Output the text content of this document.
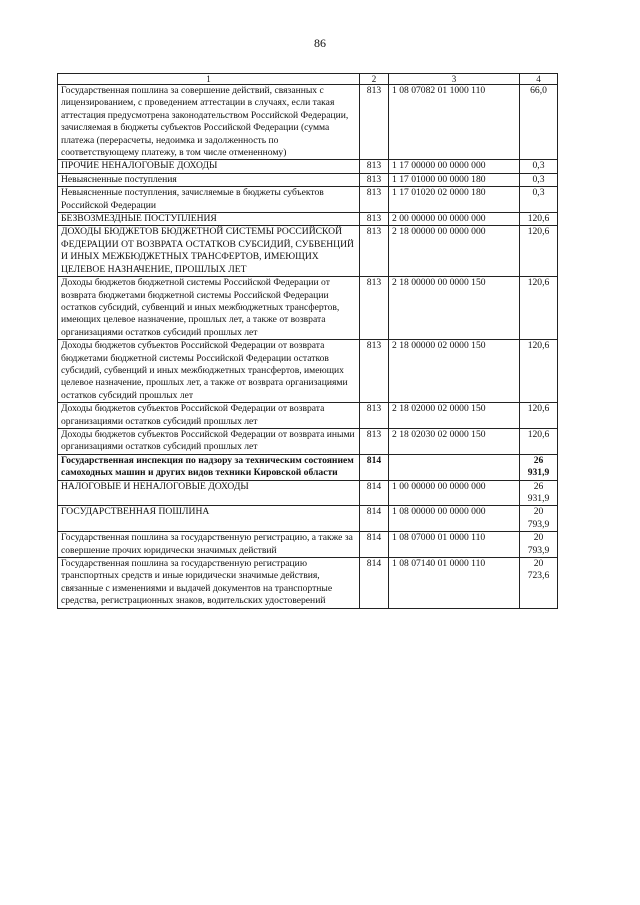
86
1	2	3	4
Государственная пошлина за совершение действий, связанных с лицензированием, с проведением аттестации в случаях, если такая аттестация предусмотрена законодательством Российской Федерации, зачисляемая в бюджеты субъектов Российской Федерации (сумма платежа (перерасчеты, недоимка и задолженность по соответствующему платежу, в том числе отмененному)	813	1 08 07082 01 1000 110	66,0
ПРОЧИЕ НЕНАЛОГОВЫЕ ДОХОДЫ	813	1 17 00000 00 0000 000	0,3
Невыясненные поступления	813	1 17 01000 00 0000 180	0,3
Невыясненные поступления, зачисляемые в бюджеты субъектов Российской Федерации	813	1 17 01020 02 0000 180	0,3
БЕЗВОЗМЕЗДНЫЕ ПОСТУПЛЕНИЯ	813	2 00 00000 00 0000 000	120,6
ДОХОДЫ БЮДЖЕТОВ БЮДЖЕТНОЙ СИСТЕМЫ РОССИЙСКОЙ ФЕДЕРАЦИИ ОТ ВОЗВРАТА ОСТАТКОВ СУБСИДИЙ, СУБВЕНЦИЙ И ИНЫХ МЕЖБЮДЖЕТНЫХ ТРАНСФЕРТОВ, ИМЕЮЩИХ ЦЕЛЕВОЕ НАЗНАЧЕНИЕ, ПРОШЛЫХ ЛЕТ	813	2 18 00000 00 0000 000	120,6
Доходы бюджетов бюджетной системы Российской Федерации от возврата бюджетами бюджетной системы Российской Федерации остатков субсидий, субвенций и иных межбюджетных трансфертов, имеющих целевое назначение, прошлых лет, а также от возврата организациями остатков субсидий прошлых лет	813	2 18 00000 00 0000 150	120,6
Доходы бюджетов субъектов Российской Федерации от возврата бюджетами бюджетной системы Российской Федерации остатков субсидий, субвенций и иных межбюджетных трансфертов, имеющих целевое назначение, прошлых лет, а также от возврата организациями остатков субсидий прошлых лет	813	2 18 00000 02 0000 150	120,6
Доходы бюджетов субъектов Российской Федерации от возврата организациями остатков субсидий прошлых лет	813	2 18 02000 02 0000 150	120,6
Доходы бюджетов субъектов Российской Федерации от возврата иными организациями остатков субсидий прошлых лет	813	2 18 02030 02 0000 150	120,6
Государственная инспекция по надзору за техническим состоянием самоходных машин и других видов техники Кировской области	814		26 931,9
НАЛОГОВЫЕ И НЕНАЛОГОВЫЕ ДОХОДЫ	814	1 00 00000 00 0000 000	26 931,9
ГОСУДАРСТВЕННАЯ ПОШЛИНА	814	1 08 00000 00 0000 000	20 793,9
Государственная пошлина за государственную регистрацию, а также за совершение прочих юридически значимых действий	814	1 08 07000 01 0000 110	20 793,9
Государственная пошлина за государственную регистрацию транспортных средств и иные юридически значимые действия, связанные с изменениями и выдачей документов на транспортные средства, регистрационных знаков, водительских удостоверений	814	1 08 07140 01 0000 110	20 723,6
